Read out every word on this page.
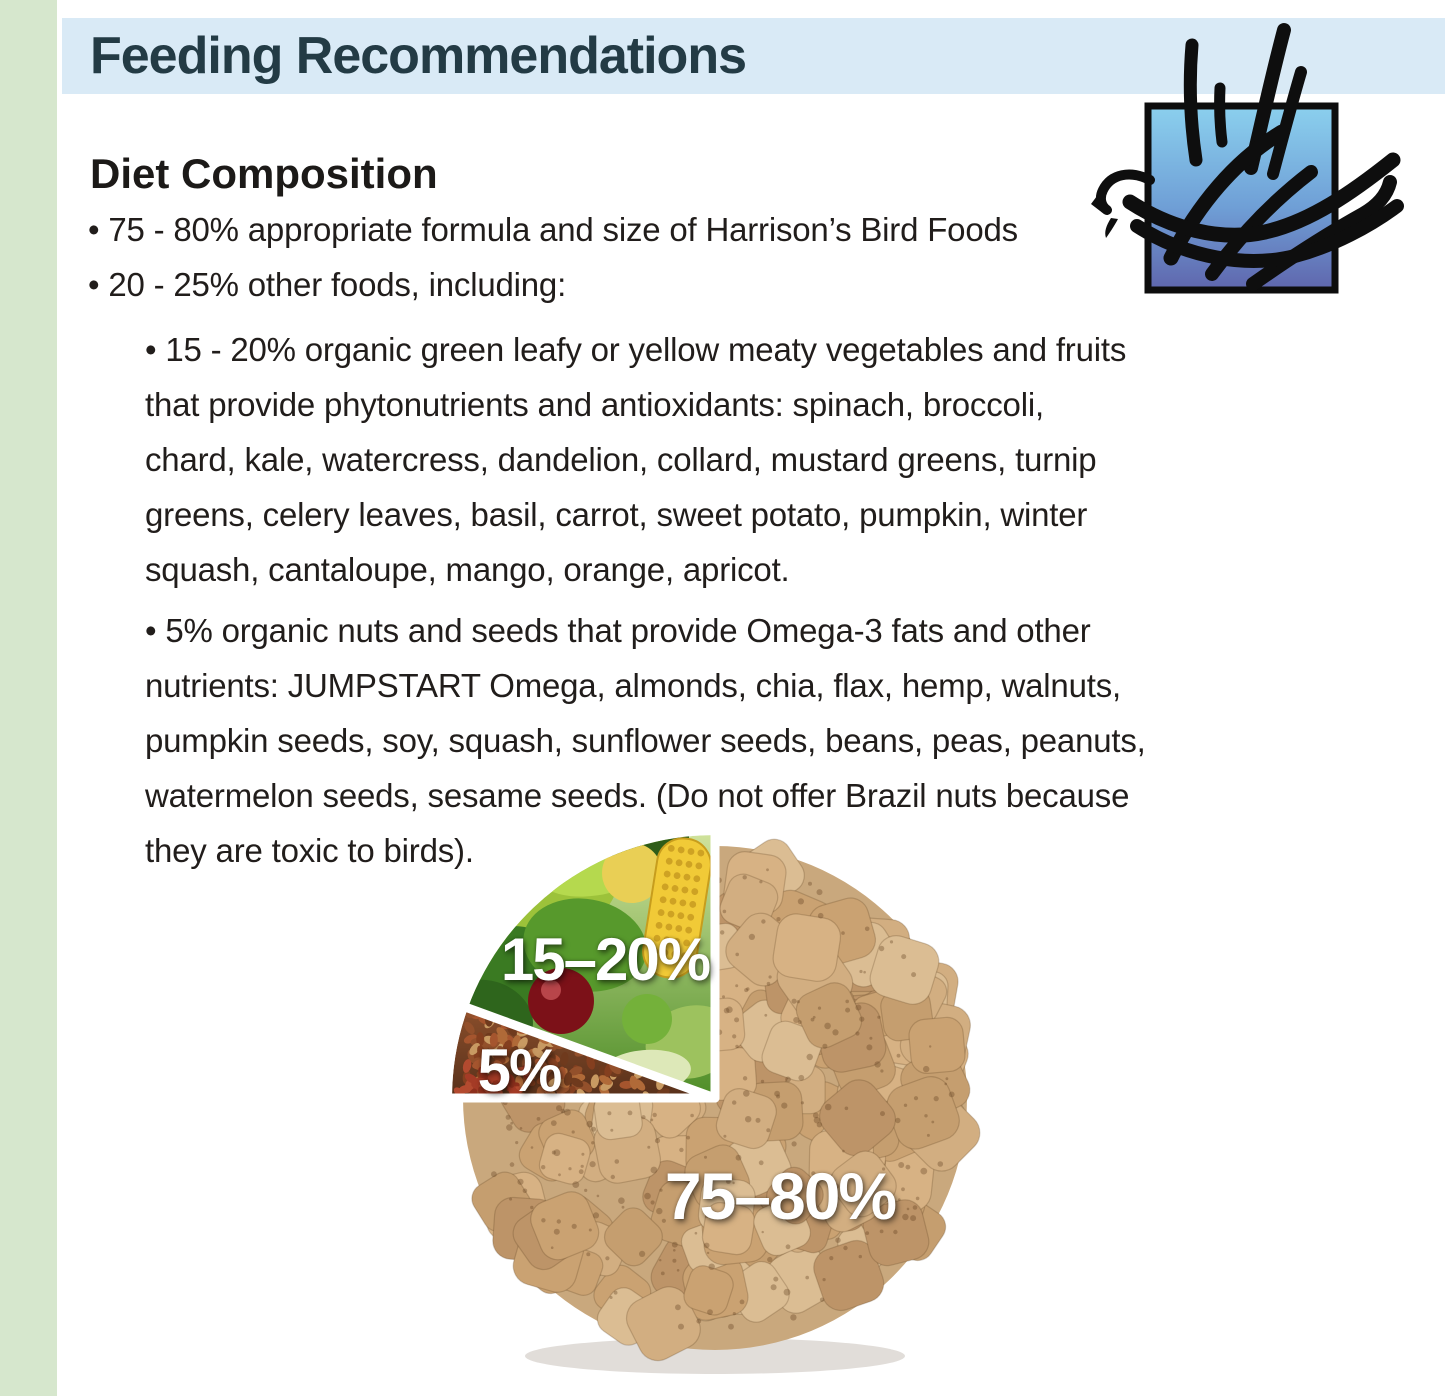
Feeding Recommendations
Diet Composition
• 75 - 80% appropriate formula and size of Harrison’s Bird Foods
• 20 - 25% other foods, including:
• 15 - 20% organic green leafy or yellow meaty vegetables and fruits
that provide phytonutrients and antioxidants: spinach, broccoli,
chard, kale, watercress, dandelion, collard, mustard greens, turnip
greens, celery leaves, basil, carrot, sweet potato, pumpkin, winter
squash, cantaloupe, mango, orange, apricot.
• 5% organic nuts and seeds that provide Omega-3 fats and other
nutrients: JUMPSTART Omega, almonds, chia, flax, hemp, walnuts,
pumpkin seeds, soy, squash, sunflower seeds, beans, peas, peanuts,
watermelon seeds, sesame seeds. (Do not offer Brazil nuts because
they are toxic to birds).
15–20%
5%
75–80%
